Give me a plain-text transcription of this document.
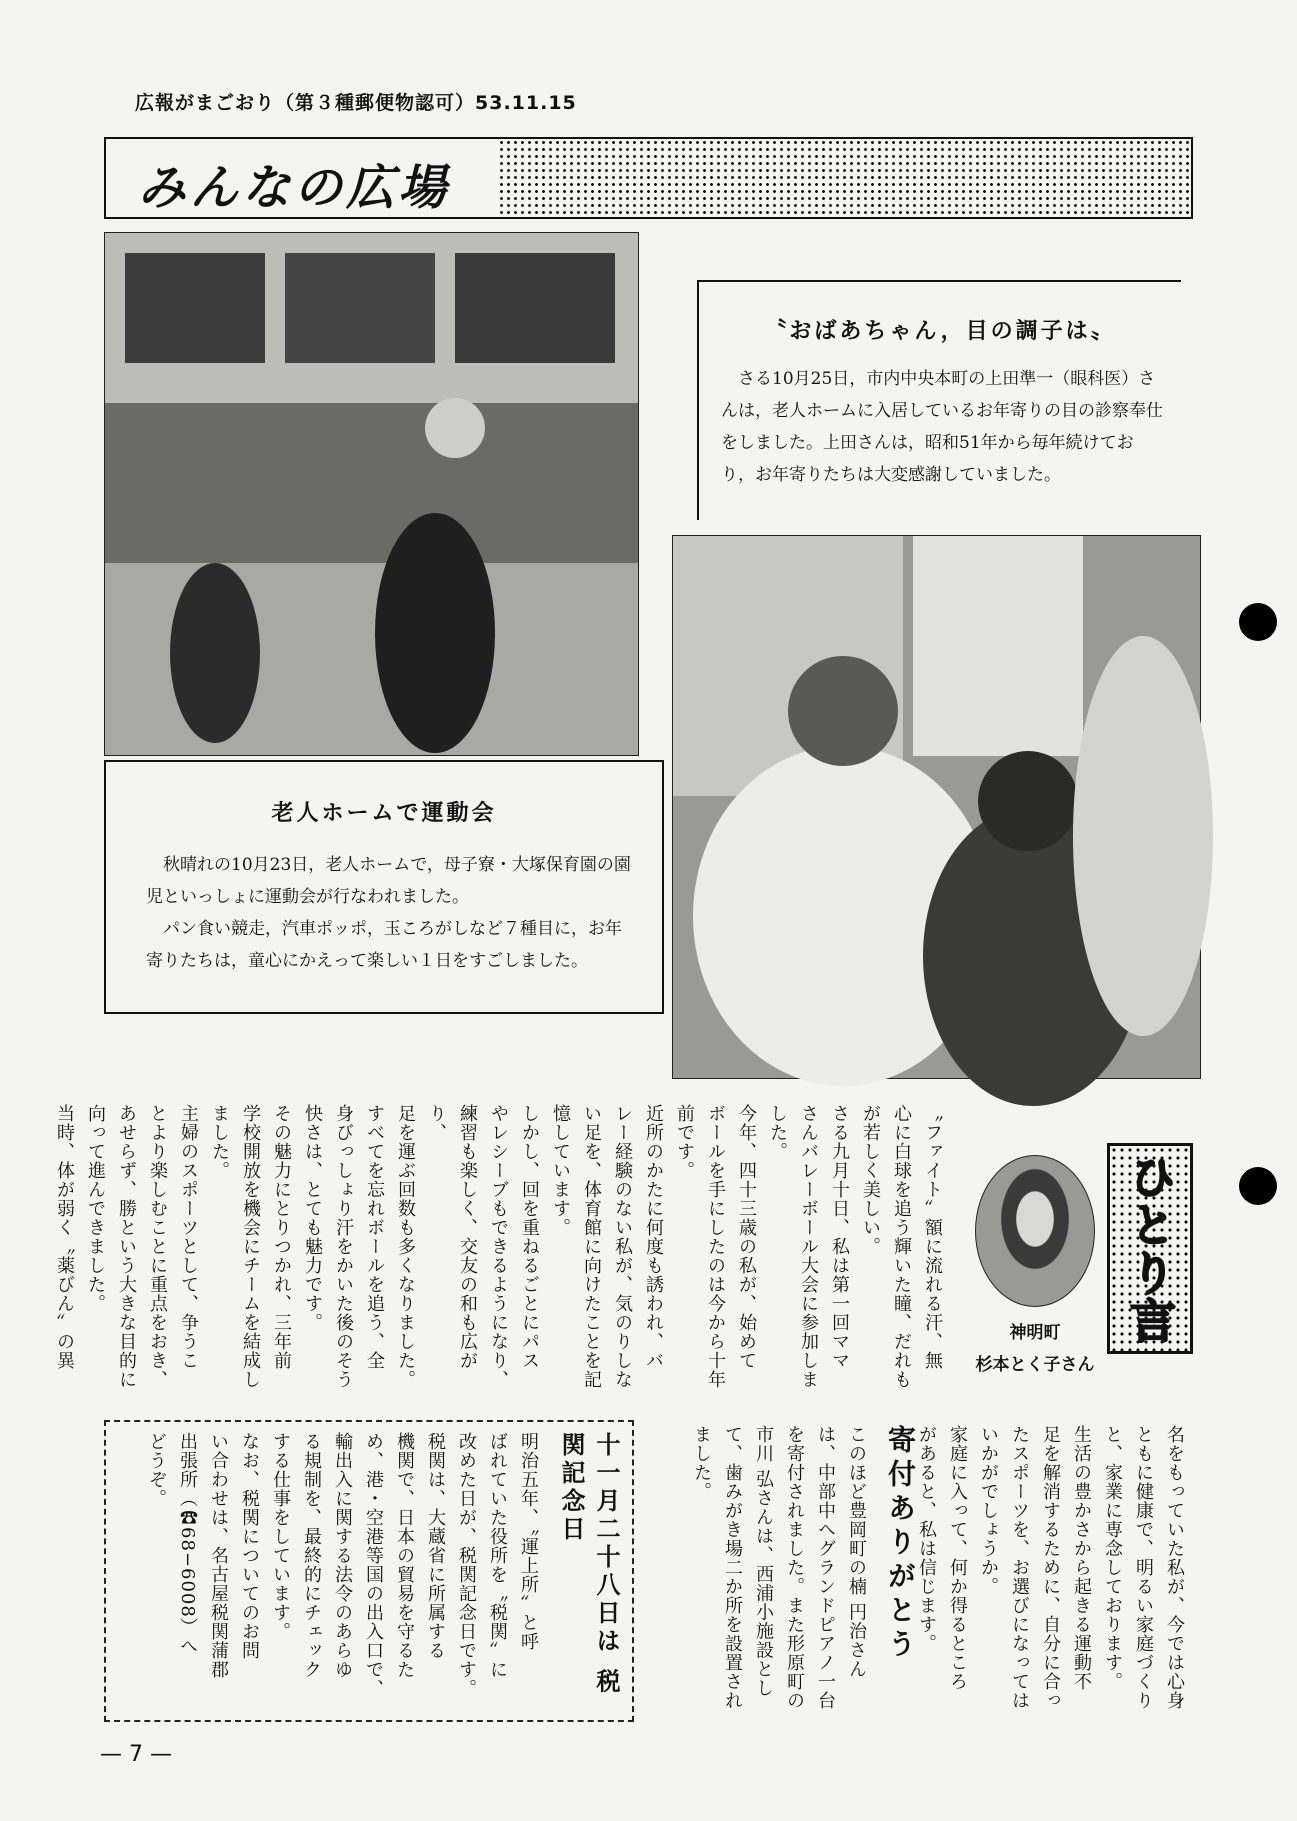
広報がまごおり（第３種郵便物認可）53.11.15
みんなの広場
〝おばあちゃん，目の調子は〟

さる10月25日，市内中央本町の上田準一（眼科医）さんは，老人ホームに入居しているお年寄りの目の診察奉仕をしました。上田さんは，昭和51年から毎年続けており，お年寄りたちは大変感謝していました。

老人ホームで運動会

秋晴れの10月23日，老人ホームで，母子寮・大塚保育園の園児といっしょに運動会が行なわれました。

パン食い競走，汽車ポッポ，玉ころがしなど７種目に，お年寄りたちは，童心にかえって楽しい１日をすごしました。

〝ファイト〟額に流れる汗、無
心に白球を追う輝いた瞳、だれも
が若しく美しい。
さる九月十日、私は第一回ママ
さんバレーボール大会に参加しま
した。
今年、四十三歳の私が、始めて
ボールを手にしたのは今から十年
前です。
近所のかたに何度も誘われ、バ
レー経験のない私が、気のりしな
い足を、体育館に向けたことを記
憶しています。
しかし、回を重ねるごとにパス
やレシーブもできるようになり、
練習も楽しく、交友の和も広がり、
足を運ぶ回数も多くなりました。
すべてを忘れボールを追う、全
身びっしょり汗をかいた後のそう
快さは、とても魅力です。
その魅力にとりつかれ、三年前
学校開放を機会にチームを結成し
ました。
主婦のスポーツとして、争うこ
とより楽しむことに重点をおき、
あせらず、勝という大きな目的に
向って進んできました。
当時、体が弱く〝薬びん〟の異	神明町
杉本とく子さん
ひとり言
名をもっていた私が、今では心身
ともに健康で、明るい家庭づくり
と、家業に専念しております。
生活の豊かさから起きる運動不
足を解消するために、自分に合っ
たスポーツを、お選びになっては
いかがでしょうか。
家庭に入って、何か得るところ
があると、私は信じます。
寄付ありがとう
このほど豊岡町の楠 円治さん
は、中部中へグランドピアノ一台
を寄付されました。また形原町の
市川 弘さんは、西浦小施設とし
て、歯みがき場二か所を設置され
ました。
十一月二十八日は 税関記念日
明治五年、〝運上所〟と呼
ばれていた役所を〝税関〟に
改めた日が、税関記念日です。
税関は、大蔵省に所属する
機関で、日本の貿易を守るた
め、港・空港等国の出入口で、
輸出入に関する法令のあらゆ
る規制を、最終的にチェック
する仕事をしています。
なお、税関についてのお問
い合わせは、名古屋税関蒲郡
出張所（☎68−6008）へ
どうぞ。
— 7 —
